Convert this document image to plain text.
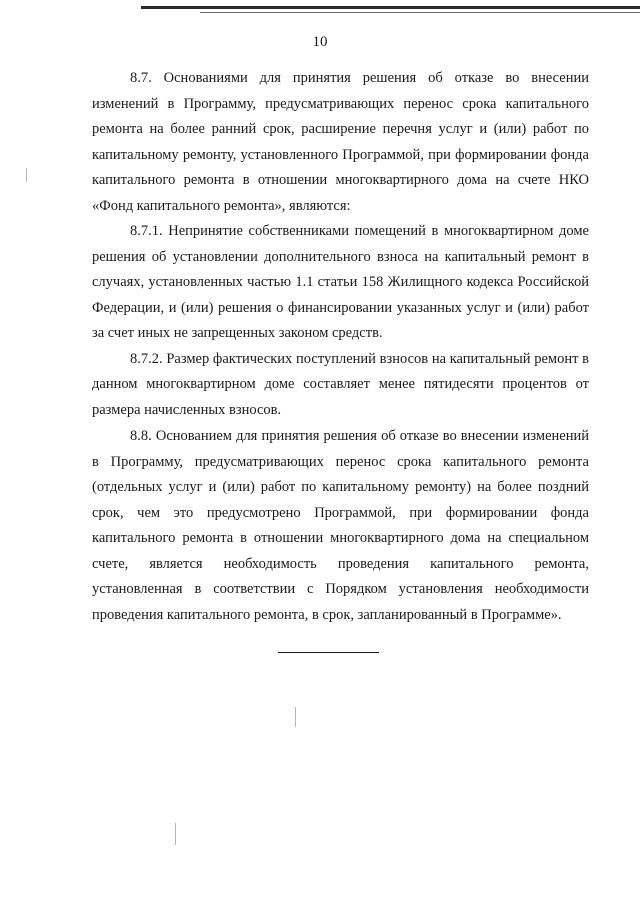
10

8.7. Основаниями для принятия решения об отказе во внесении изменений в Программу, предусматривающих перенос срока капитального ремонта на более ранний срок, расширение перечня услуг и (или) работ по капитальному ремонту, установленного Программой, при формировании фонда капитального ремонта в отношении многоквартирного дома на счете НКО «Фонд капитального ремонта», являются:

8.7.1. Непринятие собственниками помещений в многоквартирном доме решения об установлении дополнительного взноса на капитальный ремонт в случаях, установленных частью 1.1 статьи 158 Жилищного кодекса Российской Федерации, и (или) решения о финансировании указанных услуг и (или) работ за счет иных не запрещенных законом средств.

8.7.2. Размер фактических поступлений взносов на капитальный ремонт в данном многоквартирном доме составляет менее пятидесяти процентов от размера начисленных взносов.

8.8. Основанием для принятия решения об отказе во внесении изменений в Программу, предусматривающих перенос срока капитального ремонта (отдельных услуг и (или) работ по капитальному ремонту) на более поздний срок, чем это предусмотрено Программой, при формировании фонда капитального ремонта в отношении многоквартирного дома на специальном счете, является необходимость проведения капитального ремонта, установленная в соответствии с Порядком установления необходимости проведения капитального ремонта, в срок, запланированный в Программе».
